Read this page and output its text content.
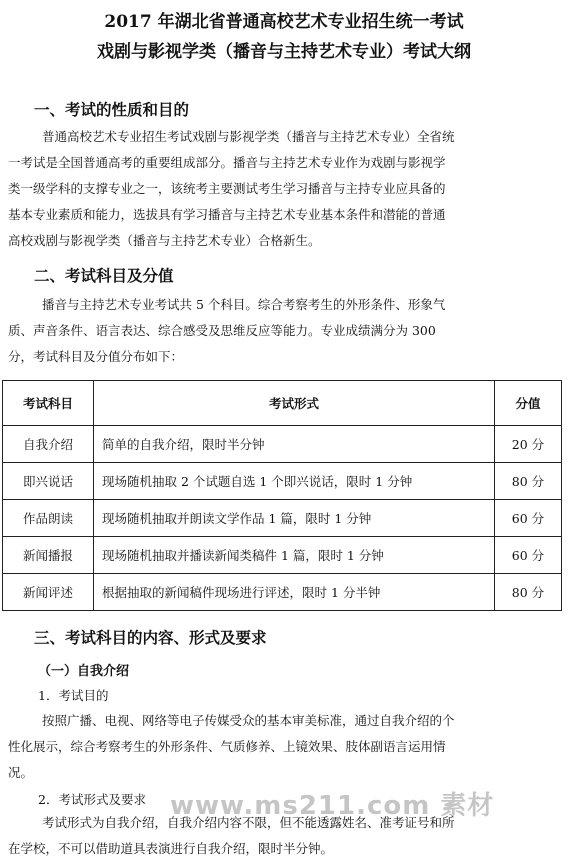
2017 年湖北省普通高校艺术专业招生统一考试
戏剧与影视学类（播音与主持艺术专业）考试大纲
一、考试的性质和目的
普通高校艺术专业招生考试戏剧与影视学类（播音与主持艺术专业）全省统
一考试是全国普通高考的重要组成部分。播音与主持艺术专业作为戏剧与影视学
类一级学科的支撑专业之一，该统考主要测试考生学习播音与主持专业应具备的
基本专业素质和能力，选拔具有学习播音与主持艺术专业基本条件和潜能的普通
高校戏剧与影视学类（播音与主持艺术专业）合格新生。
二、考试科目及分值
播音与主持艺术专业考试共 5 个科目。综合考察考生的外形条件、形象气
质、声音条件、语言表达、综合感受及思维反应等能力。专业成绩满分为 300
分，考试科目及分值分布如下：
考试科目	考试形式	分值
自我介绍	简单的自我介绍，限时半分钟	20 分
即兴说话	现场随机抽取 2 个试题自选 1 个即兴说话，限时 1 分钟	80 分
作品朗读	现场随机抽取并朗读文学作品 1 篇，限时 1 分钟	60 分
新闻播报	现场随机抽取并播读新闻类稿件 1 篇，限时 1 分钟	60 分
新闻评述	根据抽取的新闻稿件现场进行评述，限时 1 分半钟	80 分
三、考试科目的内容、形式及要求
（一）自我介绍
1．考试目的
按照广播、电视、网络等电子传媒受众的基本审美标准，通过自我介绍的个
性化展示，综合考察考生的外形条件、气质修养、上镜效果、肢体副语言运用情
况。
2．考试形式及要求
考试形式为自我介绍，自我介绍内容不限，但不能透露姓名、准考证号和所
在学校，不可以借助道具表演进行自我介绍，限时半分钟。
www.ms211.com 素材
